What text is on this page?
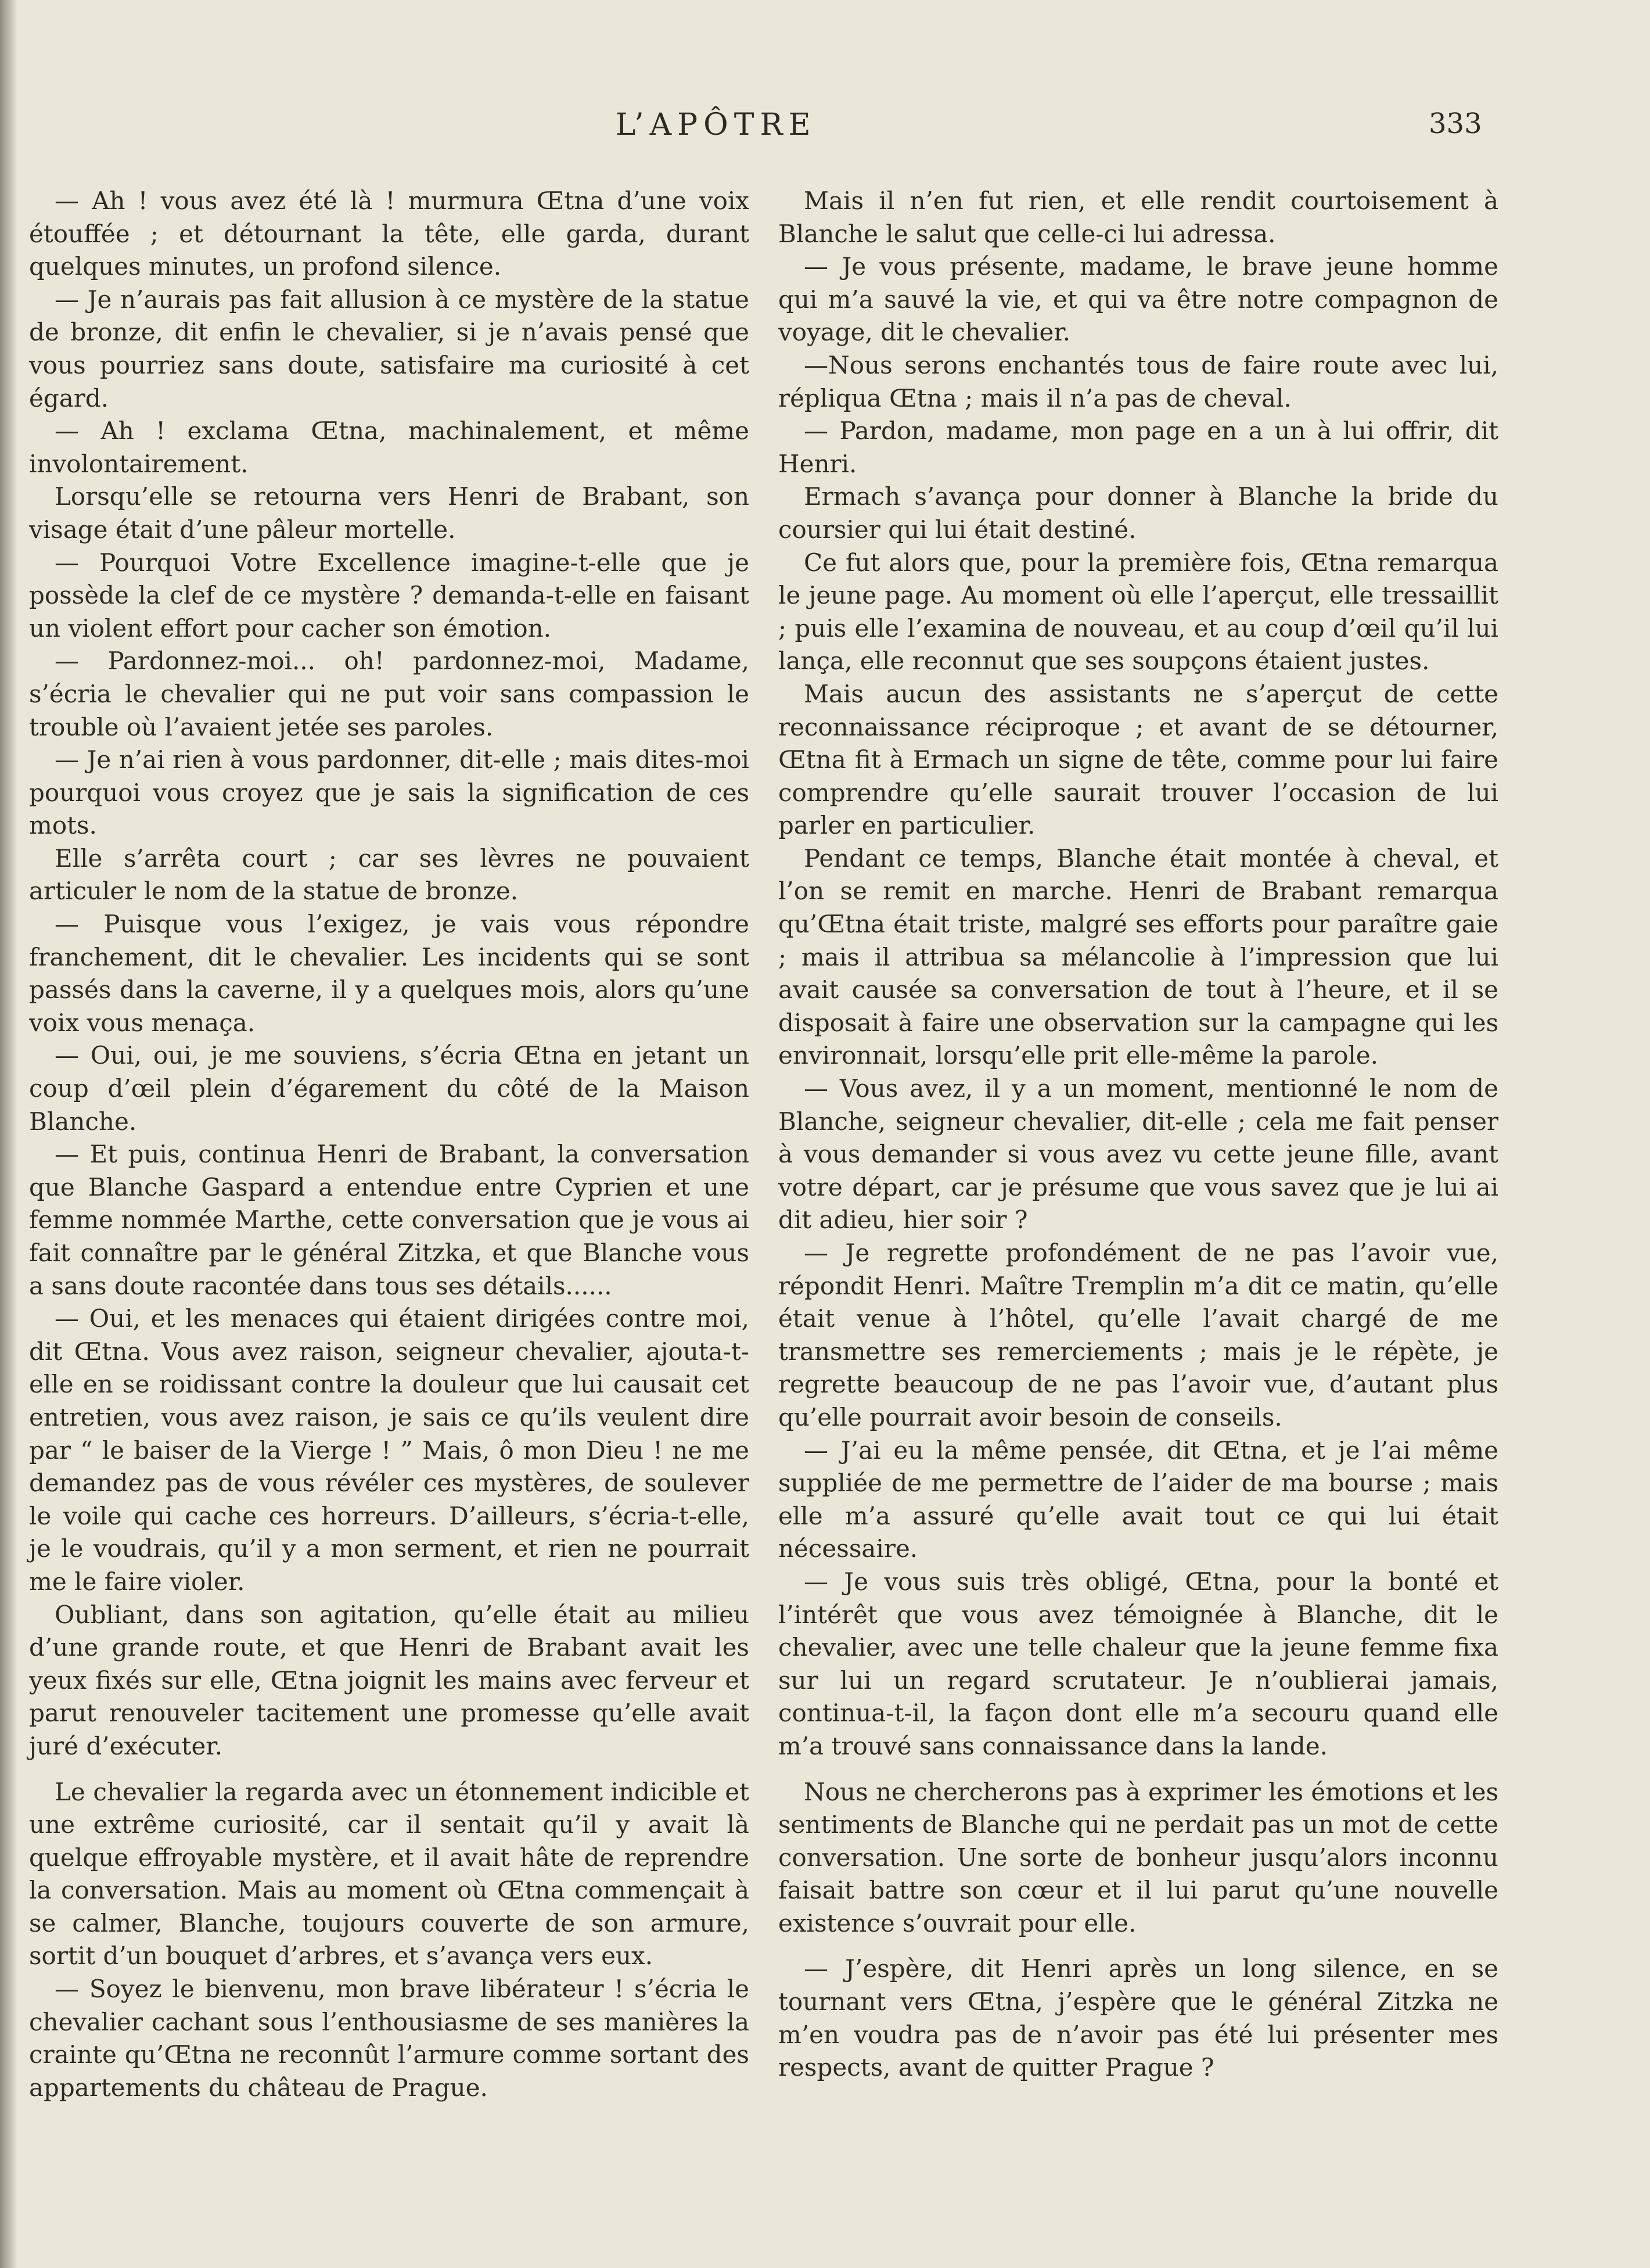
L’APÔTRE	333

— Ah ! vous avez été là ! murmura Œtna d’une voix étouffée ; et détournant la tête, elle garda, durant quelques minutes, un profond silence.

— Je n’aurais pas fait allusion à ce mystère de la statue de bronze, dit enfin le chevalier, si je n’avais pensé que vous pourriez sans doute, satisfaire ma curiosité à cet égard.

— Ah ! exclama Œtna, machinalement, et même involontairement.

Lorsqu’elle se retourna vers Henri de Brabant, son visage était d’une pâleur mortelle.

— Pourquoi Votre Excellence imagine-t-elle que je possède la clef de ce mystère ? demanda-t-elle en faisant un violent effort pour cacher son émotion.

— Pardonnez-moi... oh! pardonnez-moi, Madame, s’écria le chevalier qui ne put voir sans compassion le trouble où l’avaient jetée ses paroles.

— Je n’ai rien à vous pardonner, dit-elle ; mais dites-moi pourquoi vous croyez que je sais la signification de ces mots.

Elle s’arrêta court ; car ses lèvres ne pouvaient articuler le nom de la statue de bronze.

— Puisque vous l’exigez, je vais vous répondre franchement, dit le chevalier. Les incidents qui se sont passés dans la caverne, il y a quelques mois, alors qu’une voix vous menaça.

— Oui, oui, je me souviens, s’écria Œtna en jetant un coup d’œil plein d’égarement du côté de la Maison Blanche.

— Et puis, continua Henri de Brabant, la conversation que Blanche Gaspard a entendue entre Cyprien et une femme nommée Marthe, cette conversation que je vous ai fait connaître par le général Zitzka, et que Blanche vous a sans doute racontée dans tous ses détails......

— Oui, et les menaces qui étaient dirigées contre moi, dit Œtna. Vous avez raison, seigneur chevalier, ajouta-t-elle en se roidissant contre la douleur que lui causait cet entretien, vous avez raison, je sais ce qu’ils veulent dire par “ le baiser de la Vierge ! ” Mais, ô mon Dieu ! ne me demandez pas de vous révéler ces mystères, de soulever le voile qui cache ces horreurs. D’ailleurs, s’écria-t-elle, je le voudrais, qu’il y a mon serment, et rien ne pourrait me le faire violer.

Oubliant, dans son agitation, qu’elle était au milieu d’une grande route, et que Henri de Brabant avait les yeux fixés sur elle, Œtna joignit les mains avec ferveur et parut renouveler tacitement une promesse qu’elle avait juré d’exécuter.

Le chevalier la regarda avec un étonnement indicible et une extrême curiosité, car il sentait qu’il y avait là quelque effroyable mystère, et il avait hâte de reprendre la conversation. Mais au moment où Œtna commençait à se calmer, Blanche, toujours couverte de son armure, sortit d’un bouquet d’arbres, et s’avança vers eux.

— Soyez le bienvenu, mon brave libérateur ! s’écria le chevalier cachant sous l’enthousiasme de ses manières la crainte qu’Œtna ne reconnût l’armure comme sortant des appartements du château de Prague.

Mais il n’en fut rien, et elle rendit courtoisement à Blanche le salut que celle-ci lui adressa.

— Je vous présente, madame, le brave jeune homme qui m’a sauvé la vie, et qui va être notre compagnon de voyage, dit le chevalier.

—Nous serons enchantés tous de faire route avec lui, répliqua Œtna ; mais il n’a pas de cheval.

— Pardon, madame, mon page en a un à lui offrir, dit Henri.

Ermach s’avança pour donner à Blanche la bride du coursier qui lui était destiné.

Ce fut alors que, pour la première fois, Œtna remarqua le jeune page. Au moment où elle l’aperçut, elle tressaillit ; puis elle l’examina de nouveau, et au coup d’œil qu’il lui lança, elle reconnut que ses soupçons étaient justes.

Mais aucun des assistants ne s’aperçut de cette reconnaissance réciproque ; et avant de se détourner, Œtna fit à Ermach un signe de tête, comme pour lui faire comprendre qu’elle saurait trouver l’occasion de lui parler en particulier.

Pendant ce temps, Blanche était montée à cheval, et l’on se remit en marche. Henri de Brabant remarqua qu’Œtna était triste, malgré ses efforts pour paraître gaie ; mais il attribua sa mélancolie à l’impression que lui avait causée sa conversation de tout à l’heure, et il se disposait à faire une observation sur la campagne qui les environnait, lorsqu’elle prit elle-même la parole.

— Vous avez, il y a un moment, mentionné le nom de Blanche, seigneur chevalier, dit-elle ; cela me fait penser à vous demander si vous avez vu cette jeune fille, avant votre départ, car je présume que vous savez que je lui ai dit adieu, hier soir ?

— Je regrette profondément de ne pas l’avoir vue, répondit Henri. Maître Tremplin m’a dit ce matin, qu’elle était venue à l’hôtel, qu’elle l’avait chargé de me transmettre ses remerciements ; mais je le répète, je regrette beaucoup de ne pas l’avoir vue, d’autant plus qu’elle pourrait avoir besoin de conseils.

— J’ai eu la même pensée, dit Œtna, et je l’ai même suppliée de me permettre de l’aider de ma bourse ; mais elle m’a assuré qu’elle avait tout ce qui lui était nécessaire.

— Je vous suis très obligé, Œtna, pour la bonté et l’intérêt que vous avez témoignée à Blanche, dit le chevalier, avec une telle chaleur que la jeune femme fixa sur lui un regard scrutateur. Je n’oublierai jamais, continua-t-il, la façon dont elle m’a secouru quand elle m’a trouvé sans connaissance dans la lande.

Nous ne chercherons pas à exprimer les émotions et les sentiments de Blanche qui ne perdait pas un mot de cette conversation. Une sorte de bonheur jusqu’alors inconnu faisait battre son cœur et il lui parut qu’une nouvelle existence s’ouvrait pour elle.

— J’espère, dit Henri après un long silence, en se tournant vers Œtna, j’espère que le général Zitzka ne m’en voudra pas de n’avoir pas été lui présenter mes respects, avant de quitter Prague ?
